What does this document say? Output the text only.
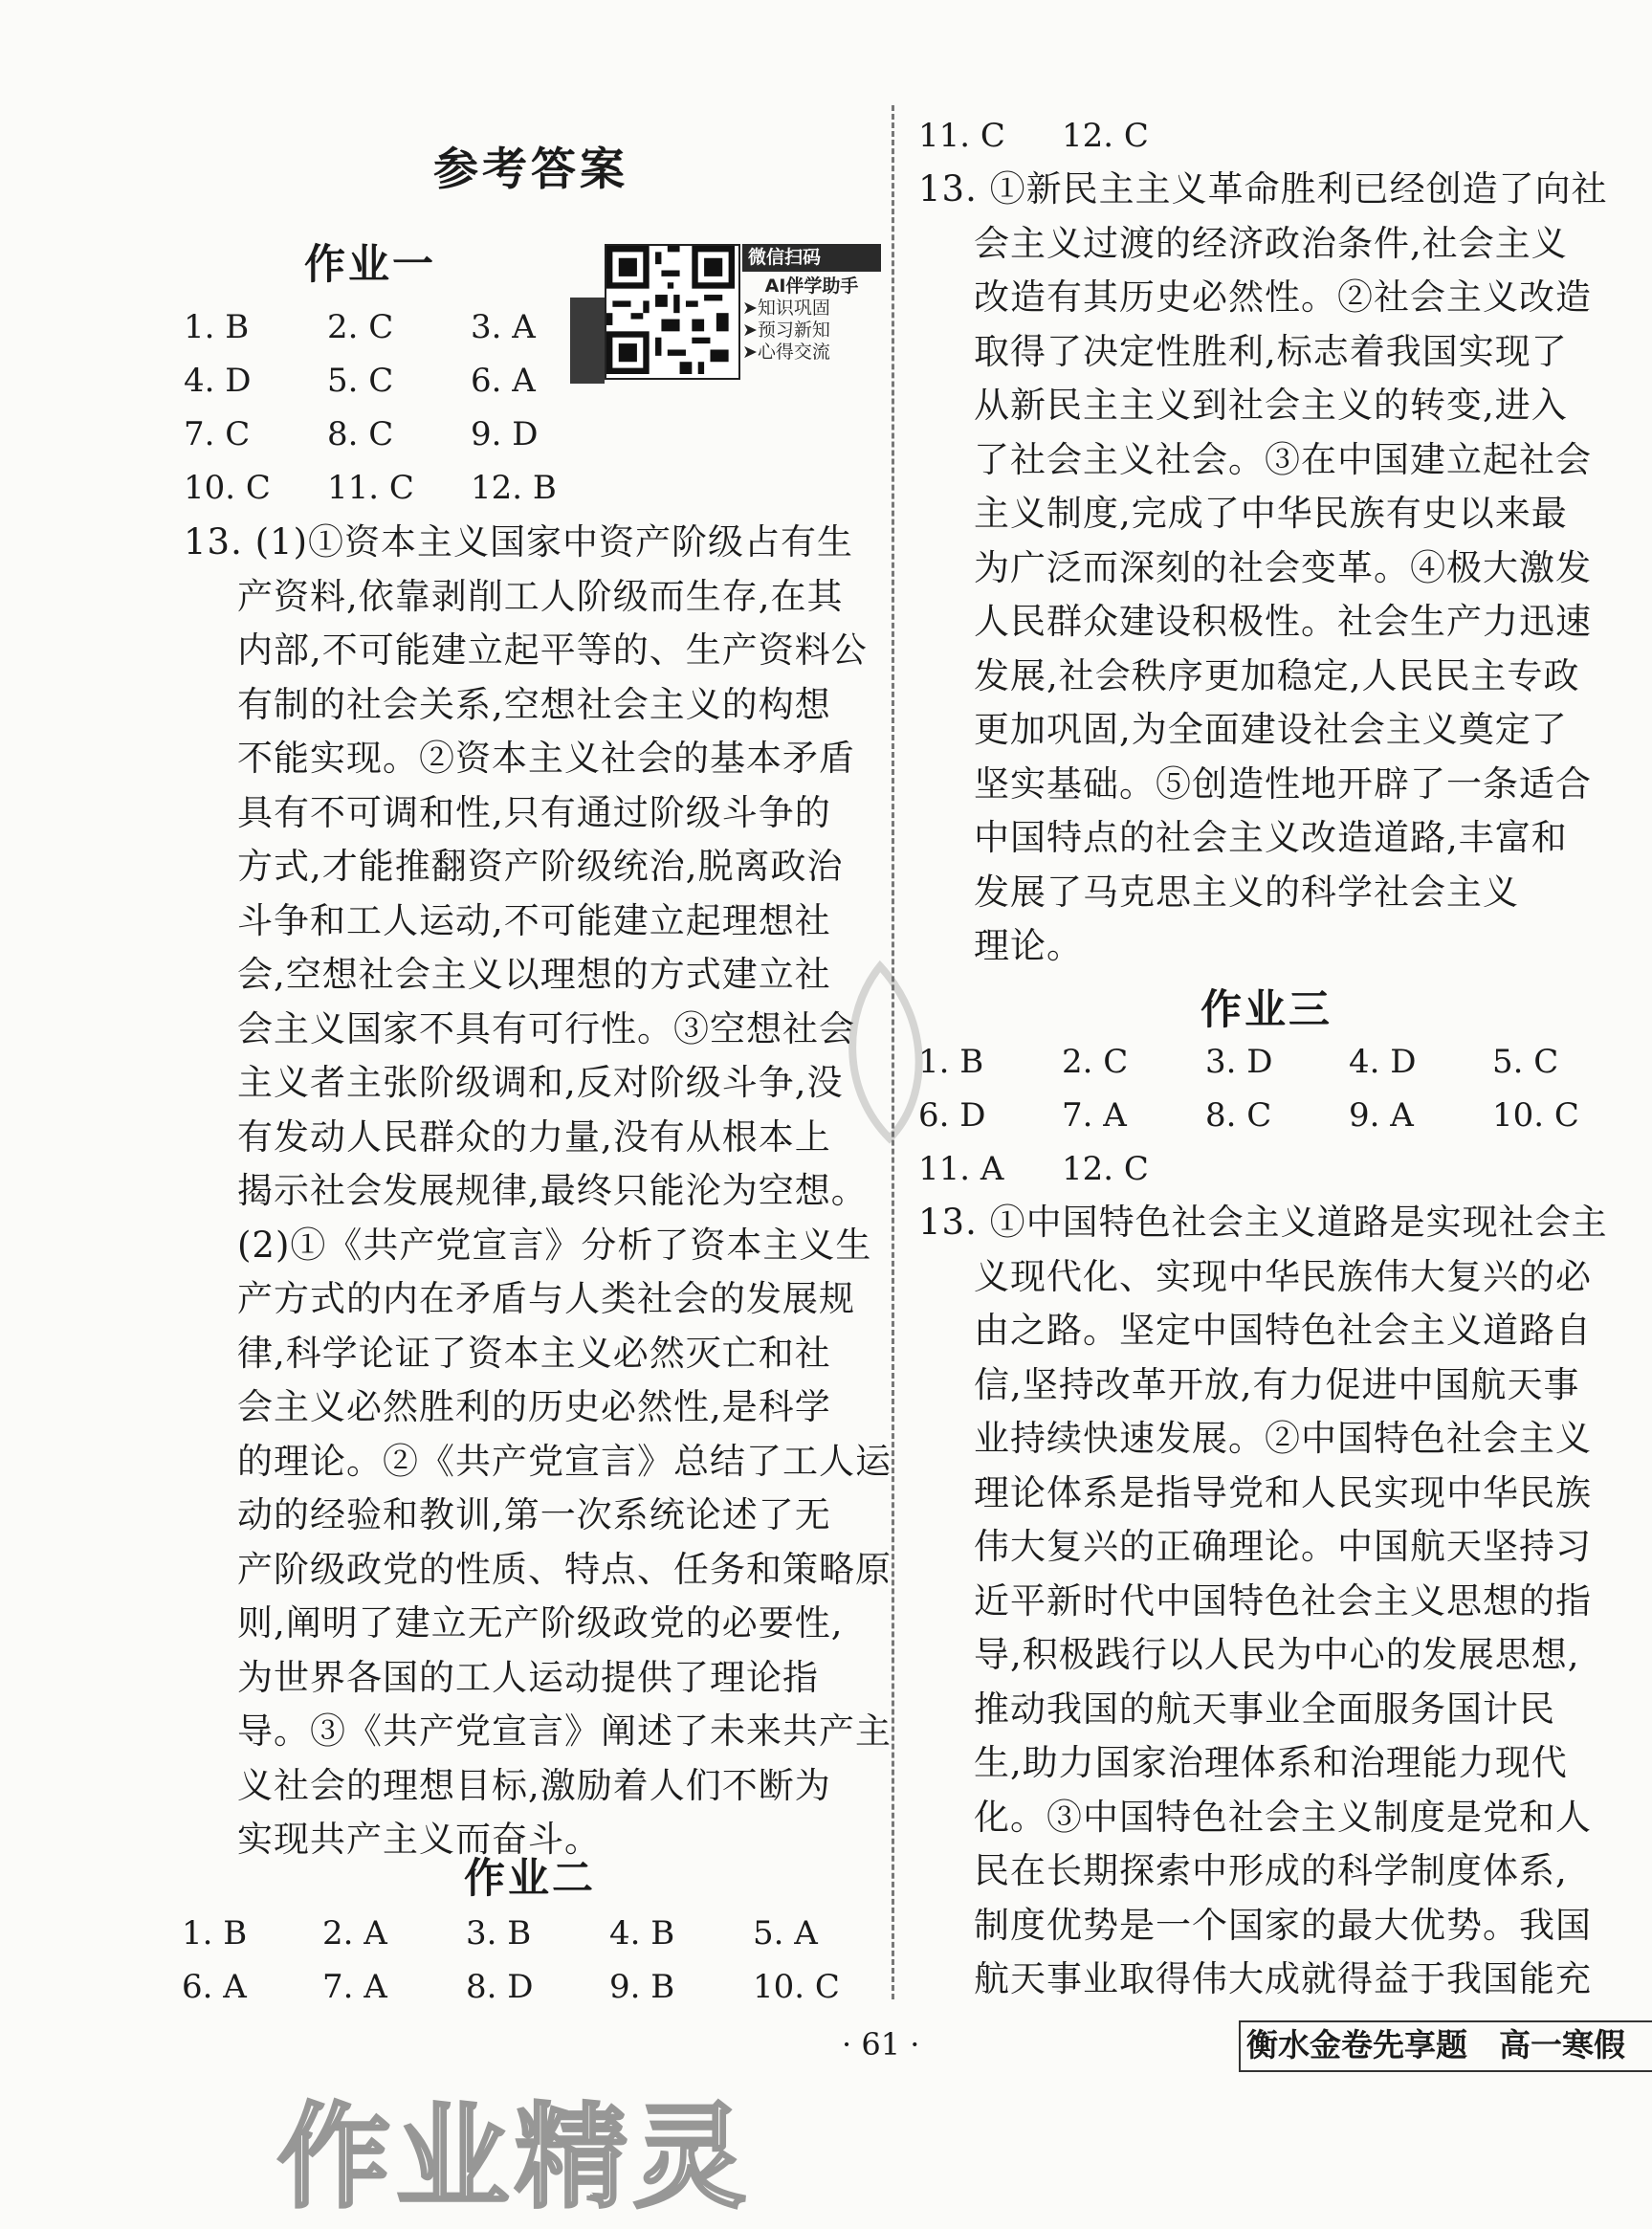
参考答案
作业一	微信扫码
AI伴学助手
➤知识巩固
➤预习新知
➤心得交流
1. B 2. C 3. A
4. D 5. C 6. A
7. C 8. C 9. D
10. C 11. C 12. B
13. (1)①资本主义国家中资产阶级占有生
产资料,依靠剥削工人阶级而生存,在其
内部,不可能建立起平等的、生产资料公
有制的社会关系,空想社会主义的构想
不能实现。②资本主义社会的基本矛盾
具有不可调和性,只有通过阶级斗争的
方式,才能推翻资产阶级统治,脱离政治
斗争和工人运动,不可能建立起理想社
会,空想社会主义以理想的方式建立社
会主义国家不具有可行性。③空想社会
主义者主张阶级调和,反对阶级斗争,没
有发动人民群众的力量,没有从根本上
揭示社会发展规律,最终只能沦为空想。
(2)①《共产党宣言》分析了资本主义生
产方式的内在矛盾与人类社会的发展规
律,科学论证了资本主义必然灭亡和社
会主义必然胜利的历史必然性,是科学
的理论。②《共产党宣言》总结了工人运
动的经验和教训,第一次系统论述了无
产阶级政党的性质、特点、任务和策略原
则,阐明了建立无产阶级政党的必要性,
为世界各国的工人运动提供了理论指
导。③《共产党宣言》阐述了未来共产主
义社会的理想目标,激励着人们不断为
实现共产主义而奋斗。
作业二
1. B 2. A 3. B 4. B 5. A
6. A 7. A 8. D 9. B 10. C
11. C 12. C
13. ①新民主主义革命胜利已经创造了向社
会主义过渡的经济政治条件,社会主义
改造有其历史必然性。②社会主义改造
取得了决定性胜利,标志着我国实现了
从新民主主义到社会主义的转变,进入
了社会主义社会。③在中国建立起社会
主义制度,完成了中华民族有史以来最
为广泛而深刻的社会变革。④极大激发
人民群众建设积极性。社会生产力迅速
发展,社会秩序更加稳定,人民民主专政
更加巩固,为全面建设社会主义奠定了
坚实基础。⑤创造性地开辟了一条适合
中国特点的社会主义改造道路,丰富和
发展了马克思主义的科学社会主义
理论。
作业三
1. B 2. C 3. D 4. D 5. C
6. D 7. A 8. C 9. A 10. C
11. A 12. C
13. ①中国特色社会主义道路是实现社会主
义现代化、实现中华民族伟大复兴的必
由之路。坚定中国特色社会主义道路自
信,坚持改革开放,有力促进中国航天事
业持续快速发展。②中国特色社会主义
理论体系是指导党和人民实现中华民族
伟大复兴的正确理论。中国航天坚持习
近平新时代中国特色社会主义思想的指
导,积极践行以人民为中心的发展思想,
推动我国的航天事业全面服务国计民
生,助力国家治理体系和治理能力现代
化。③中国特色社会主义制度是党和人
民在长期探索中形成的科学制度体系,
制度优势是一个国家的最大优势。我国
航天事业取得伟大成就得益于我国能充
· 61 ·	衡水金卷先享题　高一寒假
作业精灵
